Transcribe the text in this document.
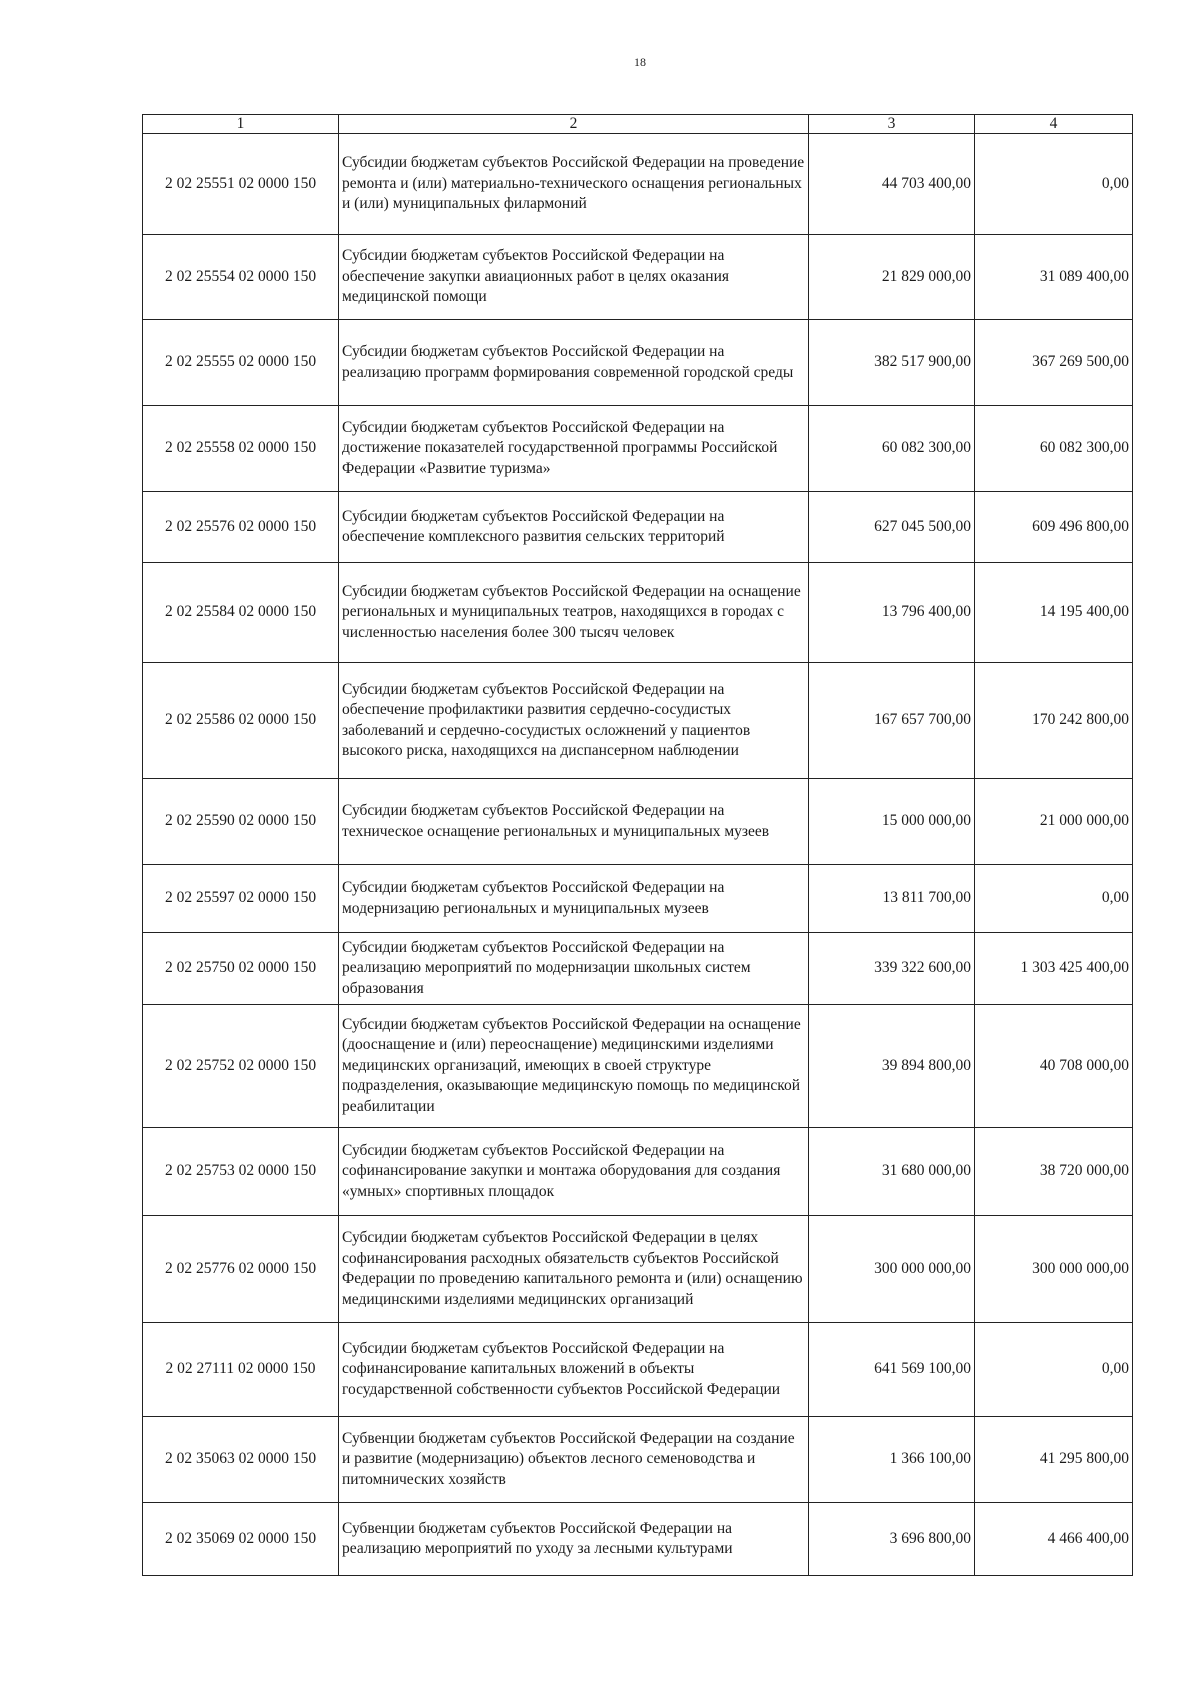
18
1	2	3	4
2 02 25551 02 0000 150	Субсидии бюджетам субъектов Российской Федерации на проведение ремонта и (или) материально-технического оснащения региональных и (или) муниципальных филармоний	44 703 400,00	0,00
2 02 25554 02 0000 150	Субсидии бюджетам субъектов Российской Федерации на обеспечение закупки авиационных работ в целях оказания медицинской помощи	21 829 000,00	31 089 400,00
2 02 25555 02 0000 150	Субсидии бюджетам субъектов Российской Федерации на реализацию программ формирования современной городской среды	382 517 900,00	367 269 500,00
2 02 25558 02 0000 150	Субсидии бюджетам субъектов Российской Федерации на достижение показателей государственной программы Российской Федерации «Развитие туризма»	60 082 300,00	60 082 300,00
2 02 25576 02 0000 150	Субсидии бюджетам субъектов Российской Федерации на обеспечение комплексного развития сельских территорий	627 045 500,00	609 496 800,00
2 02 25584 02 0000 150	Субсидии бюджетам субъектов Российской Федерации на оснащение региональных и муниципальных театров, находящихся в городах с численностью населения более 300 тысяч человек	13 796 400,00	14 195 400,00
2 02 25586 02 0000 150	Субсидии бюджетам субъектов Российской Федерации на обеспечение профилактики развития сердечно-сосудистых заболеваний и сердечно-сосудистых осложнений у пациентов высокого риска, находящихся на диспансерном наблюдении	167 657 700,00	170 242 800,00
2 02 25590 02 0000 150	Субсидии бюджетам субъектов Российской Федерации на техническое оснащение региональных и муниципальных музеев	15 000 000,00	21 000 000,00
2 02 25597 02 0000 150	Субсидии бюджетам субъектов Российской Федерации на модернизацию региональных и муниципальных музеев	13 811 700,00	0,00
2 02 25750 02 0000 150	Субсидии бюджетам субъектов Российской Федерации на реализацию мероприятий по модернизации школьных систем образования	339 322 600,00	1 303 425 400,00
2 02 25752 02 0000 150	Субсидии бюджетам субъектов Российской Федерации на оснащение (дооснащение и (или) переоснащение) медицинскими изделиями медицинских организаций, имеющих в своей структуре подразделения, оказывающие медицинскую помощь по медицинской реабилитации	39 894 800,00	40 708 000,00
2 02 25753 02 0000 150	Субсидии бюджетам субъектов Российской Федерации на софинансирование закупки и монтажа оборудования для создания «умных» спортивных площадок	31 680 000,00	38 720 000,00
2 02 25776 02 0000 150	Субсидии бюджетам субъектов Российской Федерации в целях софинансирования расходных обязательств субъектов Российской Федерации по проведению капитального ремонта и (или) оснащению медицинскими изделиями медицинских организаций	300 000 000,00	300 000 000,00
2 02 27111 02 0000 150	Субсидии бюджетам субъектов Российской Федерации на софинансирование капитальных вложений в объекты государственной собственности субъектов Российской Федерации	641 569 100,00	0,00
2 02 35063 02 0000 150	Субвенции бюджетам субъектов Российской Федерации на создание и развитие (модернизацию) объектов лесного семеноводства и питомнических хозяйств	1 366 100,00	41 295 800,00
2 02 35069 02 0000 150	Субвенции бюджетам субъектов Российской Федерации на реализацию мероприятий по уходу за лесными культурами	3 696 800,00	4 466 400,00
